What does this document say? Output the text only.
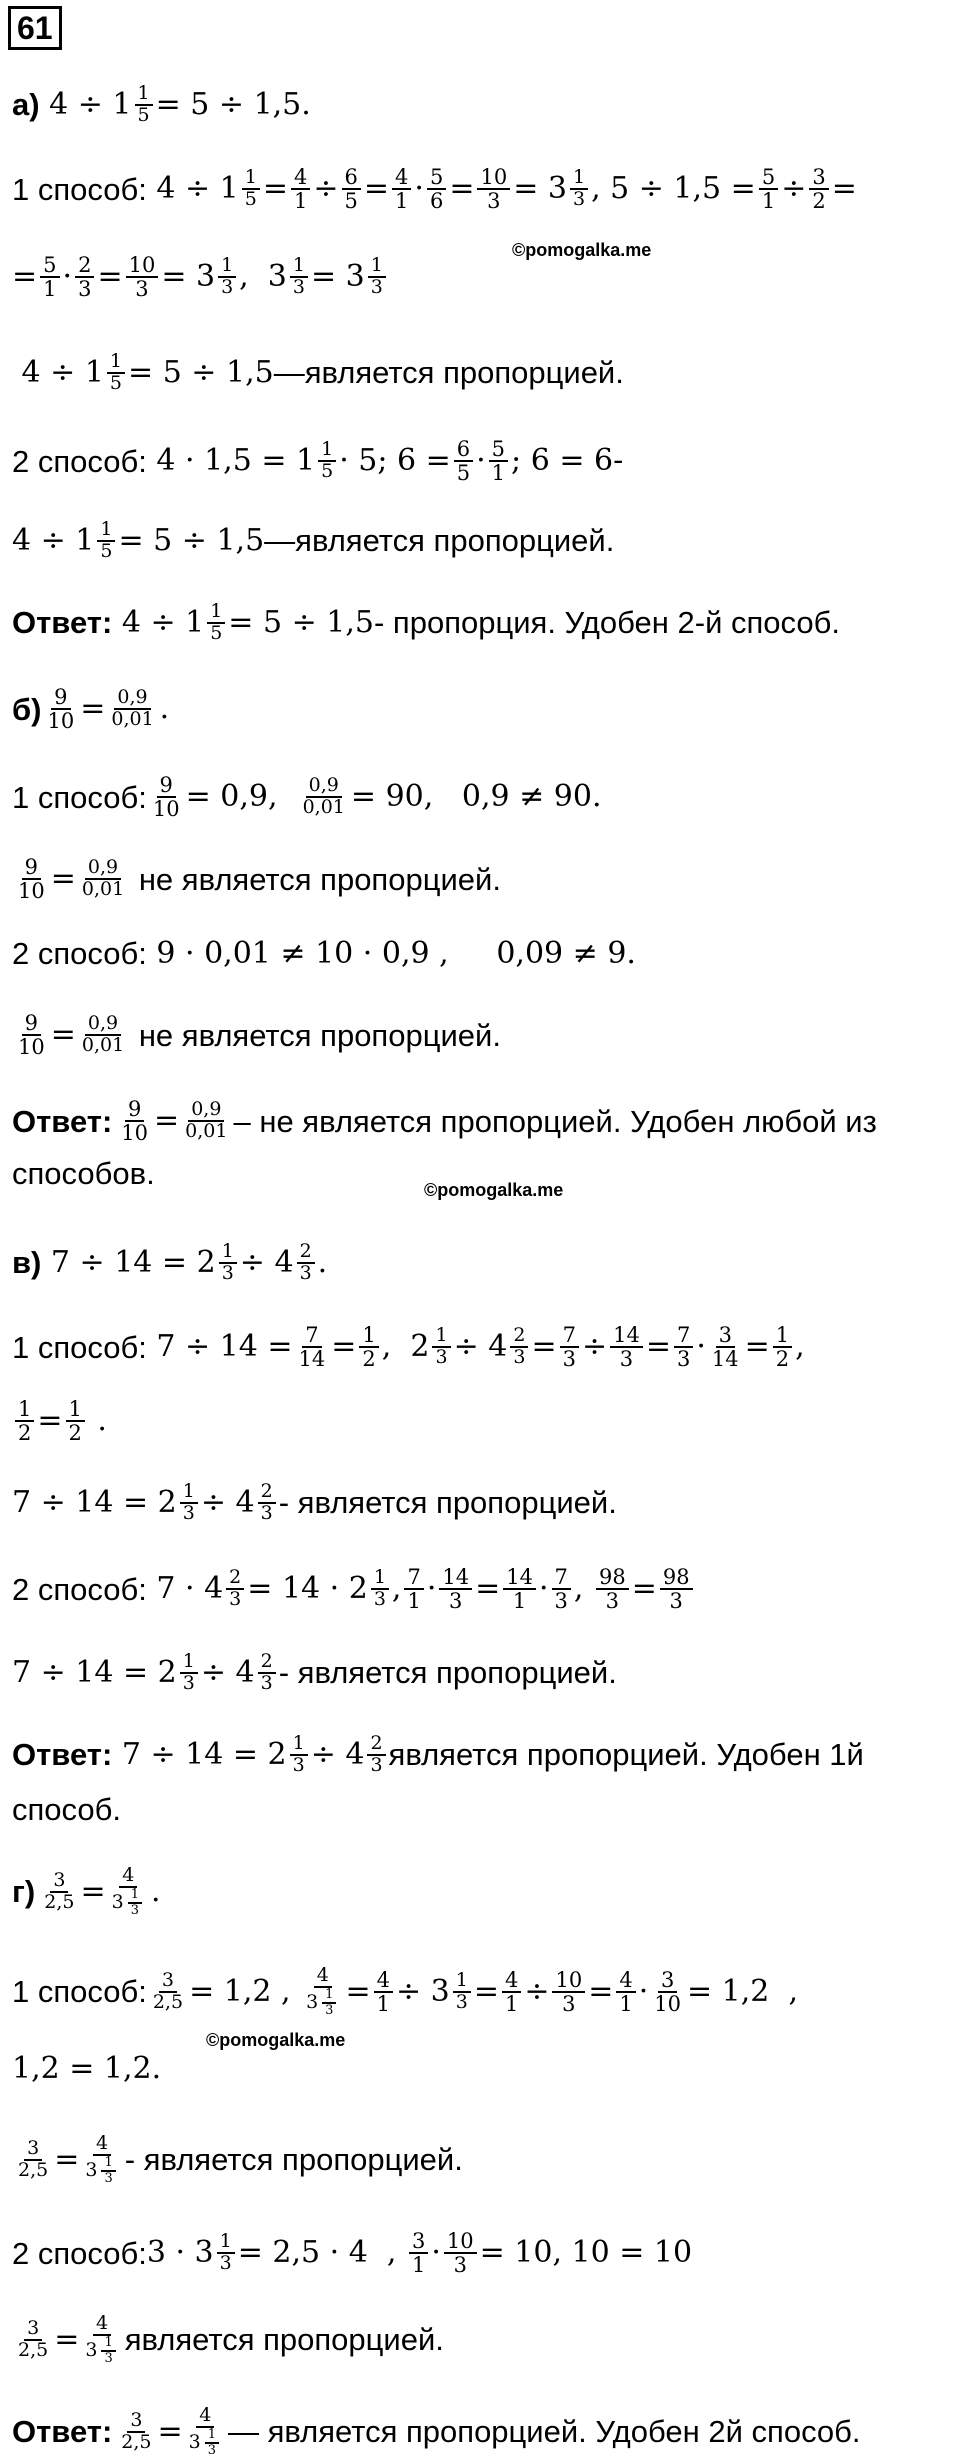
61
а) $4 \div 1 \frac{1}{5} = 5 \div 1,5$.
1 способ: $4 \div 1 \frac{1}{5} = \frac{4}{1} \div \frac{6}{5} = \frac{4}{1} \cdot \frac{5}{6} = \frac{10}{3} = 3$ 1
3 , $5 \div 1,5 = \frac{5}{1} \div \frac{3}{2}$ =
= $\frac{5}{1} \cdot \frac{2}{3} = \frac{10}{3} = 3$ 1
3 ,  $3 \frac{1}{3} = 3$ 1
3
©pomogalka.me
$4 \div 1 \frac{1}{5} = 5 \div 1,5$ —является пропорцией.
2 способ: 4 · 1,5 = 1 1
5 · 5; $6 = \frac{6}{5} \cdot 5$
1 ; 6 = 6-
$4 \div 1 \frac{1}{5} = 5 \div 1,5$ —является пропорцией.
Ответ: $4 \div 1 \frac{1}{5} = 5 \div 1,5$ - пропорция. Удобен 2-й способ.
$б) \frac{9}{10} = \frac{0,9}{0,01}$ .
1 способ: $\frac{9}{10} = 0,9$, $\frac{0,9}{0,01} = 90$,   0,9 ≠ 90.
$\frac{9}{10} = \frac{0,9}{0,01}$
не является пропорцией.
2 способ: 9 · 0,01 ≠ 10 · 0,9 ,     0,09 ≠ 9.
$\frac{9}{10} = \frac{0,9}{0,01}$
не является пропорцией.
Ответ: $\frac{9}{10} = \frac{0,9}{0,01}$ – не является пропорцией. Удобен любой из
способов.
в) $7 \div 14 = 2 \frac{1}{3} \div 4$ 2
3 .
©pomogalka.me
1 способ: $7 \div 14 = \frac{7}{14} = \frac{1}{2}$ ,  $2 \frac{1}{3} \div 4 \frac{2}{3} = \frac{7}{3} \div \frac{14}{3} = \frac{7}{3} \cdot \frac{3}{14} = \frac{1}{2}$ ,
$\frac{1}{2} = \frac{1}{2}$ .
$7 \div 14 = 2 \frac{1}{3} \div 4$ 2
3 - является пропорцией.
2 способ: $7 \cdot 4 \frac{2}{3} = 14 \cdot 2$ 1
3 , 7
$1 \cdot \frac{14}{3} = \frac{14}{1} \cdot 7$
3 , $\frac{98}{3} = \frac{98}{3}$
$7 \div 14 = 2 \frac{1}{3} \div 4$ 2
3 - является пропорцией.
Ответ: $7 \div 14 = 2 \frac{1}{3} \div 4$ 2
3 является пропорцией. Удобен 1й
способ.
$г) \frac{3}{2,5} = 4$
3 1
3 .
1 способ: $\frac{3}{2,5} = 1,2$ , 4
3 1
$3 = \frac{4}{1} \div 3 \frac{1}{3} = \frac{4}{1} \div \frac{10}{3} = \frac{4}{1} \cdot \frac{3}{10} = 1,2$  ,
1,2 = 1,2.
©pomogalka.me
$\frac{3}{2,5} = 4$
3 1
3 - является пропорцией.
2 способ: $3 \cdot 3 \frac{1}{3} = 2,5 \cdot 4$  , 3
$1 \cdot \frac{10}{3} = 10$, 10 = 10
$\frac{3}{2,5} = 4$
3 1
3 является пропорцией.
Ответ: $\frac{3}{2,5} = 4$
3 1
3 — является пропорцией. Удобен 2й способ.
